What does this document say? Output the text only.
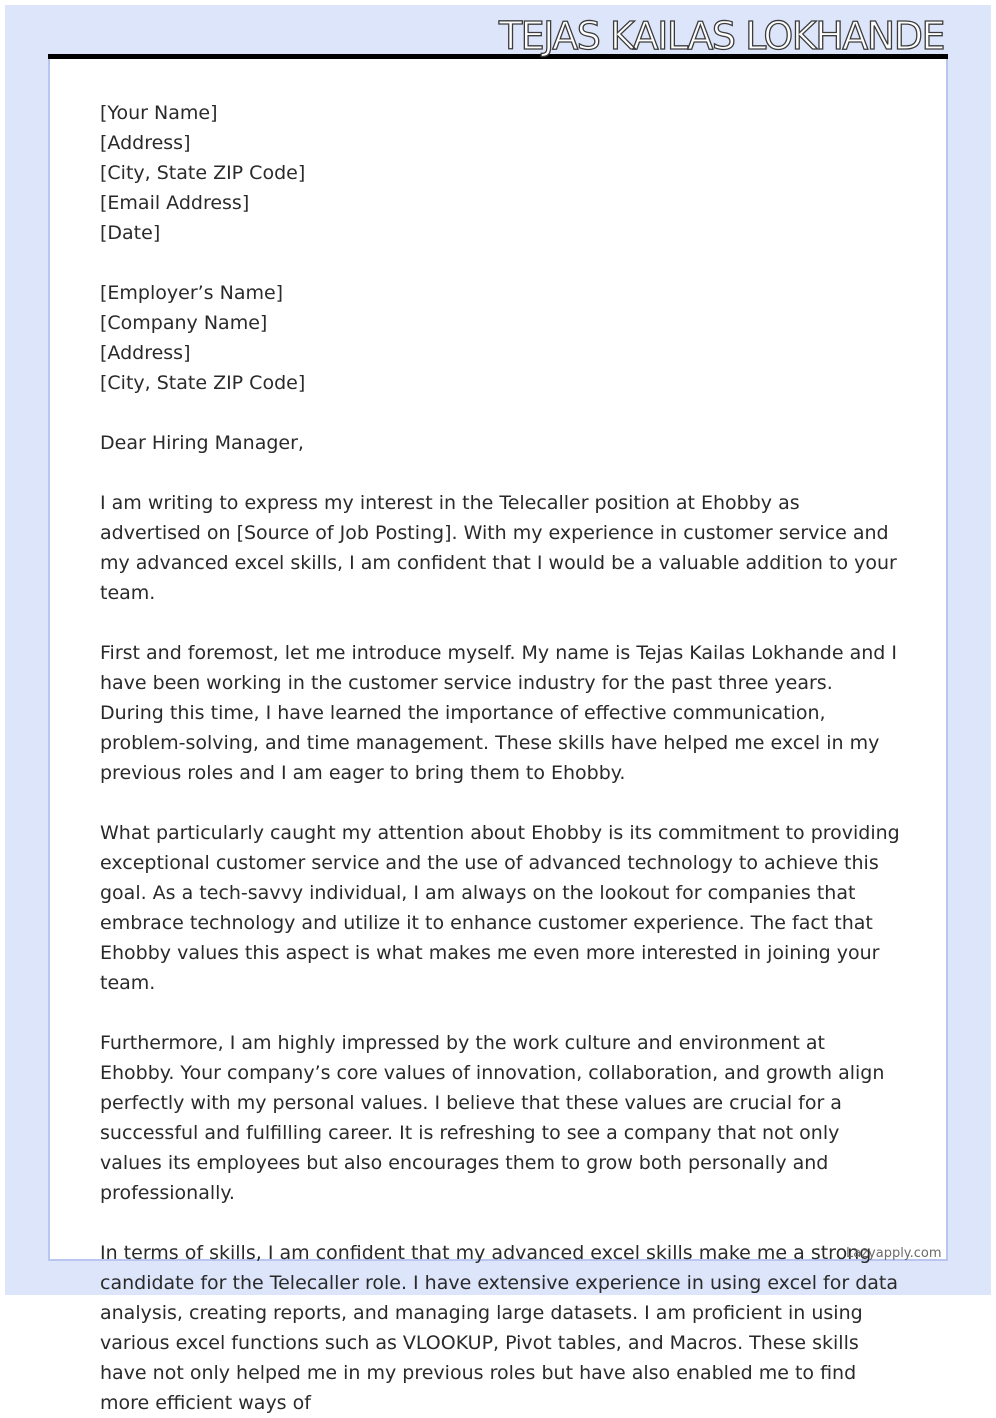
TEJAS KAILAS LOKHANDE
[Your Name]
[Address]
[City, State ZIP Code]
[Email Address]
[Date]
[Employer’s Name]
[Company Name]
[Address]
[City, State ZIP Code]
Dear Hiring Manager,

I am writing to express my interest in the Telecaller position at Ehobby as advertised on [Source of Job Posting]. With my experience in customer service and my advanced excel skills, I am confident that I would be a valuable addition to your team.

First and foremost, let me introduce myself. My name is Tejas Kailas Lokhande and I have been working in the customer service industry for the past three years. During this time, I have learned the importance of effective communication, problem-solving, and time management. These skills have helped me excel in my previous roles and I am eager to bring them to Ehobby.

What particularly caught my attention about Ehobby is its commitment to providing exceptional customer service and the use of advanced technology to achieve this goal. As a tech-savvy individual, I am always on the lookout for companies that embrace technology and utilize it to enhance customer experience. The fact that Ehobby values this aspect is what makes me even more interested in joining your team.

Furthermore, I am highly impressed by the work culture and environment at Ehobby. Your company’s core values of innovation, collaboration, and growth align perfectly with my personal values. I believe that these values are crucial for a successful and fulfilling career. It is refreshing to see a company that not only values its employees but also encourages them to grow both personally and professionally.

In terms of skills, I am confident that my advanced excel skills make me a strong candidate for the Telecaller role. I have extensive experience in using excel for data analysis, creating reports, and managing large datasets. I am proficient in using various excel functions such as VLOOKUP, Pivot tables, and Macros. These skills have not only helped me in my previous roles but have also enabled me to find more efficient ways of

Lazyapply.com
